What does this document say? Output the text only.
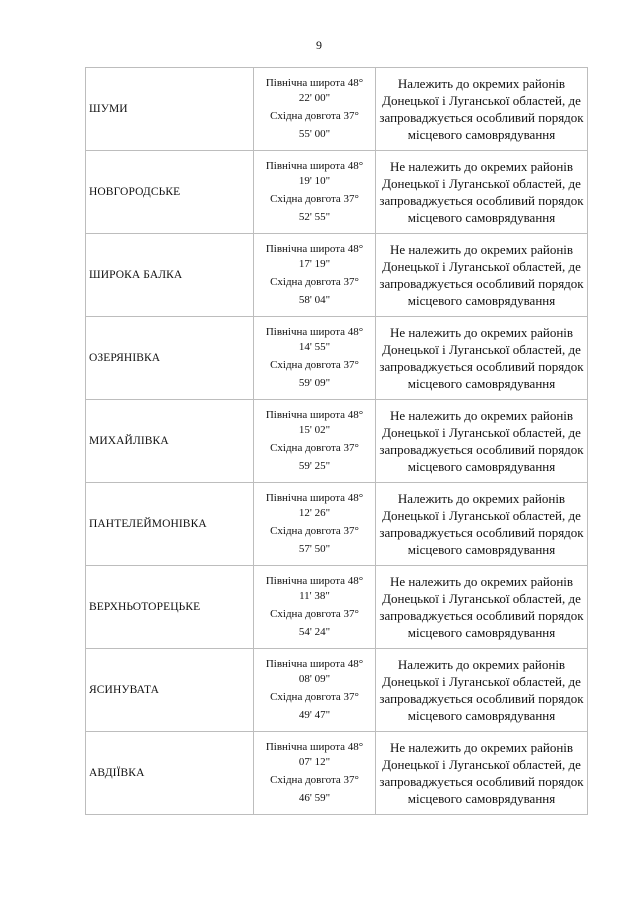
9
ШУМИ	Північна широта 48°
22' 00"
Східна довгота 37°
55' 00"	Належить до окремих районів Донецької і Луганської областей, де запроваджується особливий порядок місцевого самоврядування
НОВГОРОДСЬКЕ	Північна широта 48°
19' 10"
Східна довгота 37°
52' 55"	Не належить до окремих районів Донецької і Луганської областей, де запроваджується особливий порядок місцевого самоврядування
ШИРОКА БАЛКА	Північна широта 48°
17' 19"
Східна довгота 37°
58' 04"	Не належить до окремих районів Донецької і Луганської областей, де запроваджується особливий порядок місцевого самоврядування
ОЗЕРЯНІВКА	Північна широта 48°
14' 55"
Східна довгота 37°
59' 09"	Не належить до окремих районів Донецької і Луганської областей, де запроваджується особливий порядок місцевого самоврядування
МИХАЙЛІВКА	Північна широта 48°
15' 02"
Східна довгота 37°
59' 25"	Не належить до окремих районів Донецької і Луганської областей, де запроваджується особливий порядок місцевого самоврядування
ПАНТЕЛЕЙМОНІВКА	Північна широта 48°
12' 26"
Східна довгота 37°
57' 50"	Належить до окремих районів Донецької і Луганської областей, де запроваджується особливий порядок місцевого самоврядування
ВЕРХНЬОТОРЕЦЬКЕ	Північна широта 48°
11' 38"
Східна довгота 37°
54' 24"	Не належить до окремих районів Донецької і Луганської областей, де запроваджується особливий порядок місцевого самоврядування
ЯСИНУВАТА	Північна широта 48°
08' 09"
Східна довгота 37°
49' 47"	Належить до окремих районів Донецької і Луганської областей, де запроваджується особливий порядок місцевого самоврядування
АВДІЇВКА	Північна широта 48°
07' 12"
Східна довгота 37°
46' 59"	Не належить до окремих районів Донецької і Луганської областей, де запроваджується особливий порядок місцевого самоврядування
